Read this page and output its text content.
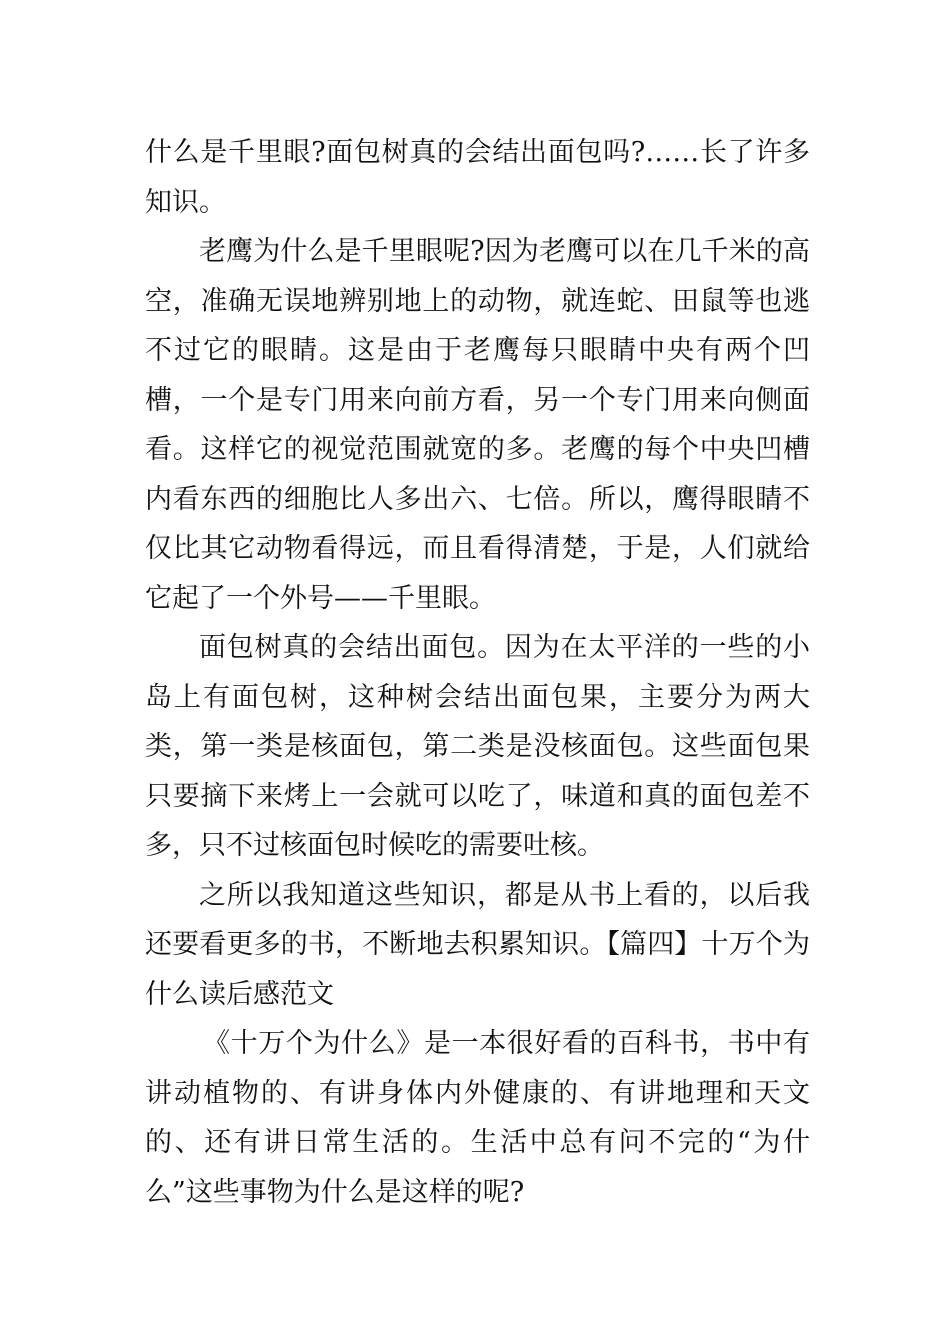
什么是千里眼?面包树真的会结出面包吗?……长了许多知识。

老鹰为什么是千里眼呢?因为老鹰可以在几千米的高空，准确无误地辨别地上的动物，就连蛇、田鼠等也逃不过它的眼睛。这是由于老鹰每只眼睛中央有两个凹槽，一个是专门用来向前方看，另一个专门用来向侧面看。这样它的视觉范围就宽的多。老鹰的每个中央凹槽内看东西的细胞比人多出六、七倍。所以，鹰得眼睛不仅比其它动物看得远，而且看得清楚，于是，人们就给它起了一个外号——千里眼。

面包树真的会结出面包。因为在太平洋的一些的小岛上有面包树，这种树会结出面包果，主要分为两大类，第一类是核面包，第二类是没核面包。这些面包果只要摘下来烤上一会就可以吃了，味道和真的面包差不多，只不过核面包时候吃的需要吐核。

之所以我知道这些知识，都是从书上看的，以后我还要看更多的书，不断地去积累知识。【篇四】十万个为什么读后感范文

《十万个为什么》是一本很好看的百科书，书中有讲动植物的、有讲身体内外健康的、有讲地理和天文的、还有讲日常生活的。生活中总有问不完的“为什么”这些事物为什么是这样的呢?
